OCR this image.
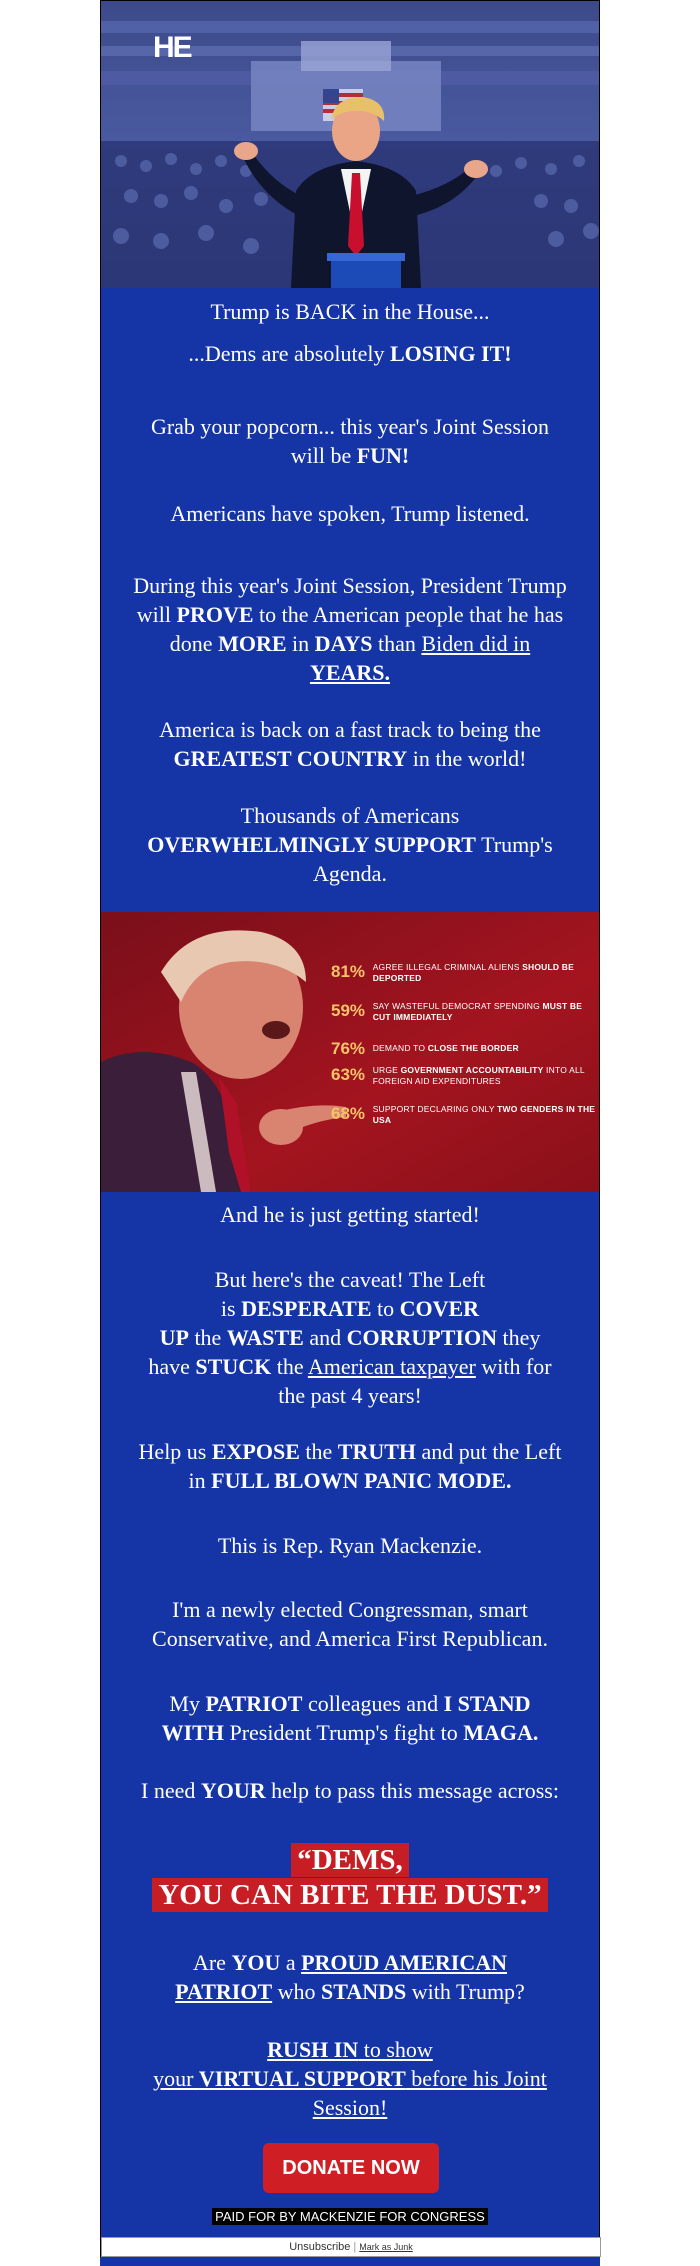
HE
Trump is BACK in the House...
...Dems are absolutely LOSING IT!
Grab your popcorn... this year's Joint Session
will be FUN!
Americans have spoken, Trump listened.
During this year's Joint Session, President Trump
will PROVE to the American people that he has
done MORE in DAYS than Biden did in
YEARS.
America is back on a fast track to being the
GREATEST COUNTRY in the world!
Thousands of Americans
OVERWHELMINGLY SUPPORT Trump's
Agenda.
81% AGREE ILLEGAL CRIMINAL ALIENS SHOULD BE DEPORTED
59% SAY WASTEFUL DEMOCRAT SPENDING MUST BE CUT IMMEDIATELY
76% DEMAND TO CLOSE THE BORDER
63% URGE GOVERNMENT ACCOUNTABILITY INTO ALL FOREIGN AID EXPENDITURES
68% SUPPORT DECLARING ONLY TWO GENDERS IN THE USA
And he is just getting started!
But here's the caveat! The Left
is DESPERATE to COVER
UP the WASTE and CORRUPTION they
have STUCK the American taxpayer with for
the past 4 years!
Help us EXPOSE the TRUTH and put the Left
in FULL BLOWN PANIC MODE.
This is Rep. Ryan Mackenzie.
I'm a newly elected Congressman, smart
Conservative, and America First Republican.
My PATRIOT colleagues and I STAND
WITH President Trump's fight to MAGA.
I need YOUR help to pass this message across:
“DEMS,
YOU CAN BITE THE DUST.”
Are YOU a PROUD AMERICAN
PATRIOT who STANDS with Trump?
RUSH IN to show
your VIRTUAL SUPPORT before his Joint
Session!
DONATE NOW
PAID FOR BY MACKENZIE FOR CONGRESS
Unsubscribe | Mark as Junk
